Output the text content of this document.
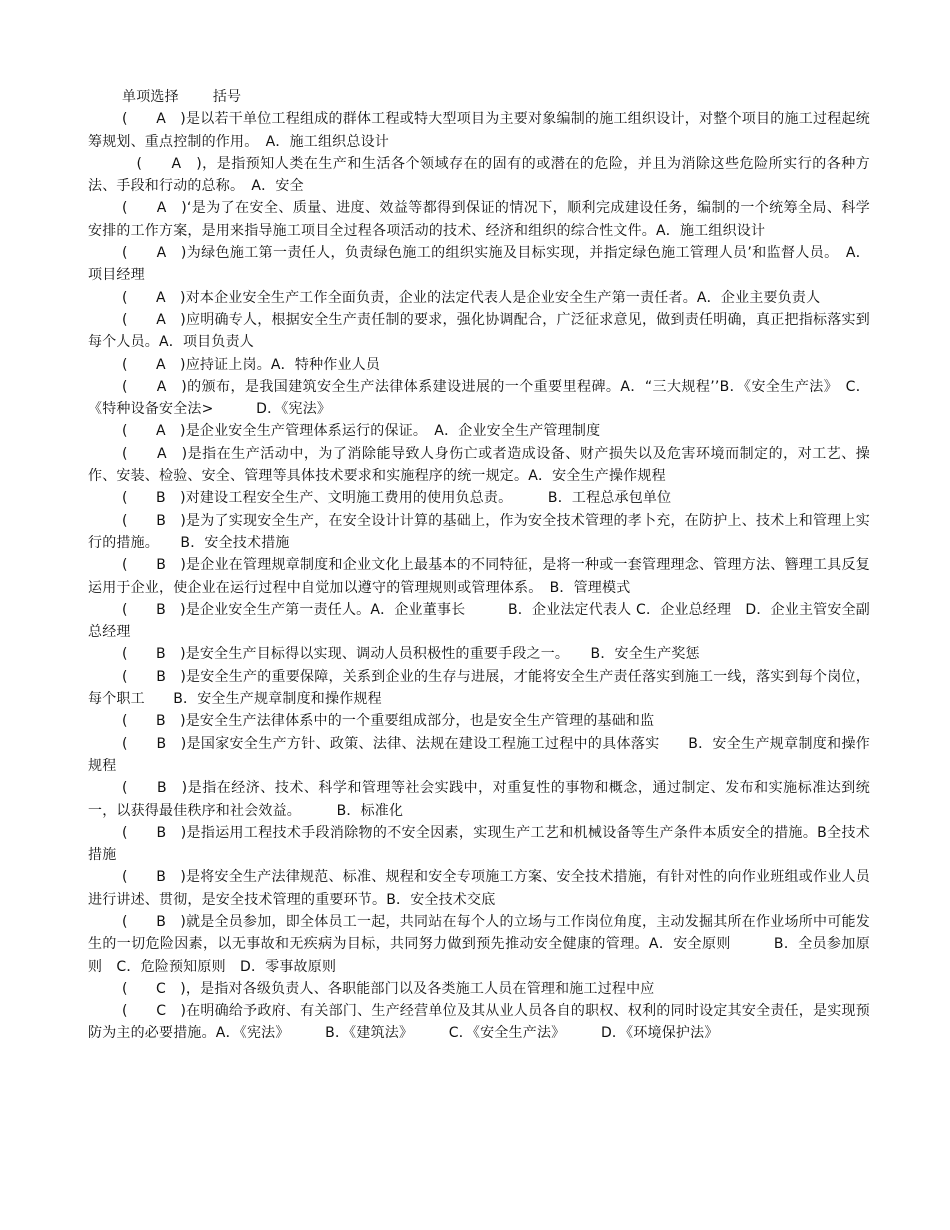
单项选择 括号

(　　A　)是以若干单位工程组成的群体工程或特大型项目为主要对象编制的施工组织设计，对整个项目的施工过程起统筹规划、重点控制的作用。　A．施工组织总设计

　(　　A　)，是指预知人类在生产和生活各个领域存在的固有的或潜在的危险，并且为消除这些危险所实行的各种方法、手段和行动的总称。　A．安全

(　　A　)‘是为了在安全、质量、进度、效益等都得到保证的情况下，顺利完成建设任务，编制的一个统筹全局、科学安排的工作方案，是用来指导施工项目全过程各项活动的技术、经济和组织的综合性文件。A．施工组织设计

(　　A　)为绿色施工第一责任人，负责绿色施工的组织实施及目标实现，并指定绿色施工管理人员’和监督人员。　A．项目经理

(　　A　)对本企业安全生产工作全面负责，企业的法定代表人是企业安全生产第一责任者。A．企业主要负责人

(　　A　)应明确专人，根据安全生产责任制的要求，强化协调配合，广泛征求意见，做到责任明确，真正把指标落实到每个人员。A．项目负责人

(　　A　)应持证上岗。A．特种作业人员

(　　A　)的颁布，是我国建筑安全生产法律体系建设进展的一个重要里程碑。A．“三大规程’’B．《安全生产法》　C．《特种设备安全法>　　　D．《宪法》

(　　A　)是企业安全生产管理体系运行的保证。　A．企业安全生产管理制度

(　　A　)是指在生产活动中，为了消除能导致人身伤亡或者造成设备、财产损失以及危害环境而制定的，对工艺、操作、安装、检验、安全、管理等具体技术要求和实施程序的统一规定。A．安全生产操作规程

(　　B　)对建设工程安全生产、文明施工费用的使用负总责。　　　B．工程总承包单位

(　　B　)是为了实现安全生产，在安全设计计算的基础上，作为安全技术管理的孝卜充，在防护上、技术上和管理上实行的措施。　　B．安全技术措施

(　　B　)是企业在管理规章制度和企业文化上最基本的不同特征，是将一种或一套管理理念、管理方法、簪理工具反复运用于企业，使企业在运行过程中自觉加以遵守的管理规则或管理体系。　B．管理模式

(　　B　)是企业安全生产第一责任人。A．企业董事长　　　B．企业法定代表人 C．企业总经理　D．企业主管安全副总经理

(　　B　)是安全生产目标得以实现、调动人员积极性的重要手段之一。　　B．安全生产奖惩

(　　B　)是安全生产的重要保障，关系到企业的生存与进展，才能将安全生产责任落实到施工一线，落实到每个岗位，每个职工　　B．安全生产规章制度和操作规程

(　　B　)是安全生产法律体系中的一个重要组成部分，也是安全生产管理的基础和监

(　　B　)是国家安全生产方针、政策、法律、法规在建设工程施工过程中的具体落实　　B．安全生产规章制度和操作规程

(　　B　)是指在经济、技术、科学和管理等社会实践中，对重复性的事物和概念，通过制定、发布和实施标准达到统一，以获得最佳秩序和社会效益。　　　B．标准化

(　　B　)是指运用工程技术手段消除物的不安全因素，实现生产工艺和机械设备等生产条件本质安全的措施。B全技术措施

(　　B　)是将安全生产法律规范、标准、规程和安全专项施工方案、安全技术措施，有针对性的向作业班组或作业人员进行讲述、贯彻，是安全技术管理的重要环节。B．安全技术交底

(　　B　)就是全员参加，即全体员工一起，共同站在每个人的立场与工作岗位角度，主动发掘其所在作业场所中可能发生的一切危险因素，以无事故和无疾病为目标，共同努力做到预先推动安全健康的管理。A．安全原则　　　B．全员参加原则　C．危险预知原则　D．零事故原则

(　　C　)，是指对各级负责人、各职能部门以及各类施工人员在管理和施工过程中应

(　　C　)在明确给予政府、有关部门、生产经营单位及其从业人员各自的职权、权利的同时设定其安全责任，是实现预防为主的必要措施。A．《宪法》　　　B．《建筑法》　　　C．《安全生产法》　　　D．《环境保护法》
